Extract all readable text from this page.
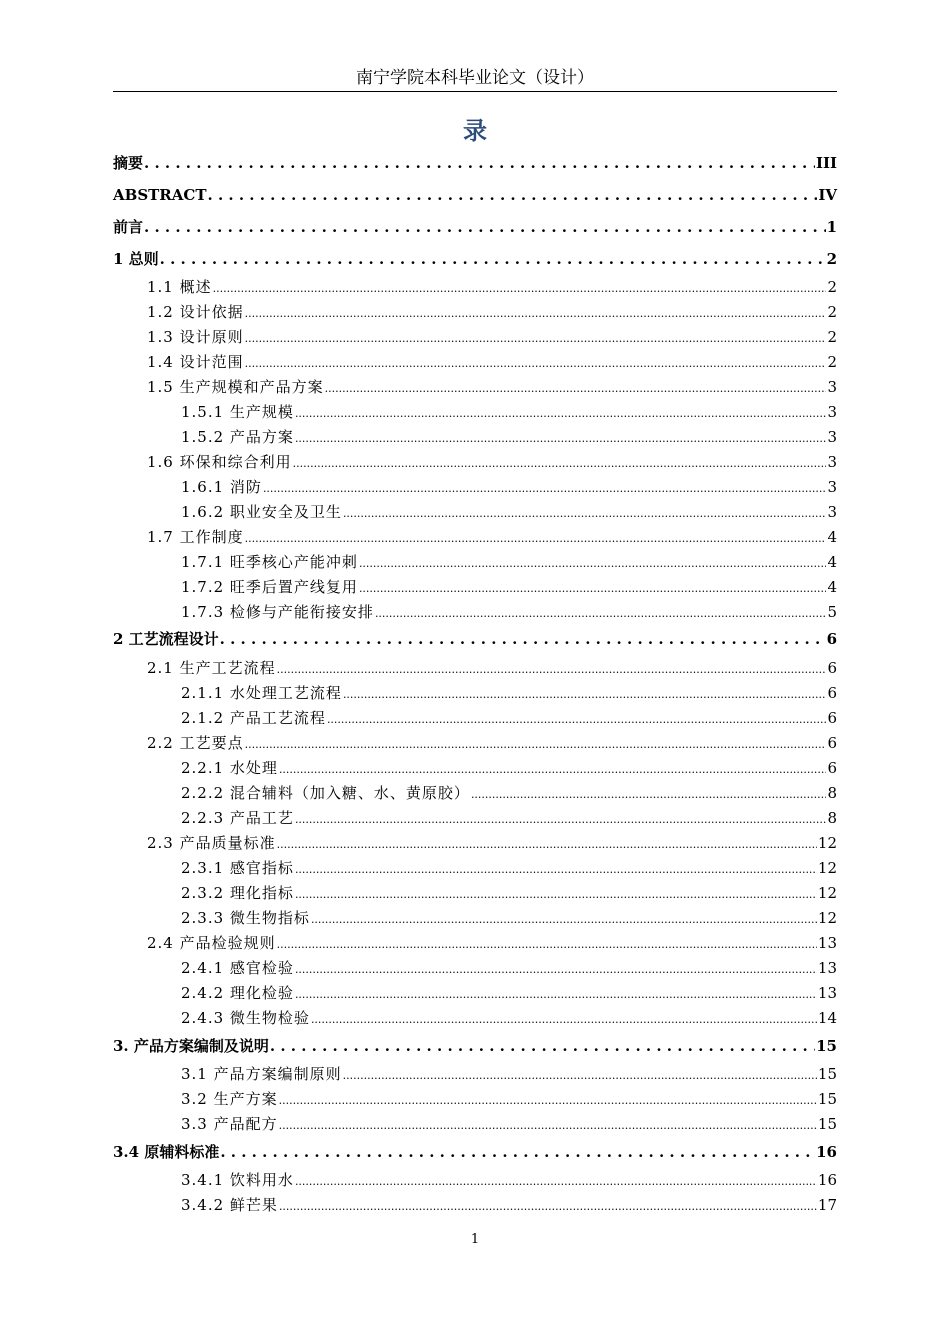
南宁学院本科毕业论文（设计）
录
摘要 . . .	III
ABSTRACT . . .	IV
前言 . . .	1
1 总则 . . .	2
1.1 概述 .....	2
1.2 设计依据 .....	2
1.3 设计原则 .....	2
1.4 设计范围 .....	2
1.5 生产规模和产品方案 .....	3
1.5.1 生产规模 .....	3
1.5.2 产品方案 .....	3
1.6 环保和综合利用 .....	3
1.6.1 消防 .....	3
1.6.2 职业安全及卫生 .....	3
1.7 工作制度 .....	4
1.7.1 旺季核心产能冲刺 .....	4
1.7.2 旺季后置产线复用 .....	4
1.7.3 检修与产能衔接安排 .....	5
2 工艺流程设计 . . .	6
2.1 生产工艺流程 .....	6
2.1.1 水处理工艺流程 .....	6
2.1.2 产品工艺流程 .....	6
2.2 工艺要点 .....	6
2.2.1 水处理 .....	6
2.2.2 混合辅料（加入糖、水、黄原胶） .....	8
2.2.3 产品工艺 .....	8
2.3 产品质量标准 .....	12
2.3.1 感官指标 .....	12
2.3.2 理化指标 .....	12
2.3.3 微生物指标 .....	12
2.4 产品检验规则 .....	13
2.4.1 感官检验 .....	13
2.4.2 理化检验 .....	13
2.4.3 微生物检验 .....	14
3. 产品方案编制及说明 . . .	15
3.1 产品方案编制原则 .....	15
3.2 生产方案 .....	15
3.3 产品配方 .....	15
3.4 原辅料标准 . . .	16
3.4.1 饮料用水 .....	16
3.4.2 鲜芒果 .....	17
1
